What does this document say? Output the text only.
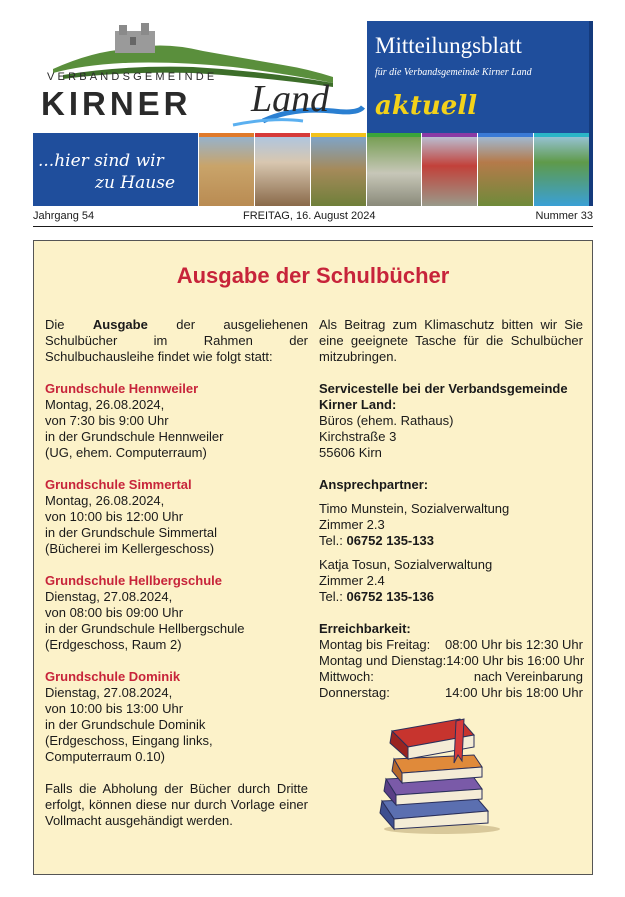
VERBANDSGEMEINDE
KIRNER Land
Mitteilungsblatt
für die Verbandsgemeinde Kirner Land
aktuell
...hier sind wir
zu Hause
Jahrgang 54	FREITAG, 16. August 2024	Nummer 33
Ausgabe der Schulbücher

Die Ausgabe der ausgeliehenen Schulbücher im Rahmen der Schulbuchausleihe findet wie folgt statt:

Grundschule Hennweiler

Montag, 26.08.2024,

von 7:30 bis 9:00 Uhr

in der Grundschule Hennweiler

(UG, ehem. Computerraum)

Grundschule Simmertal

Montag, 26.08.2024,

von 10:00 bis 12:00 Uhr

in der Grundschule Simmertal

(Bücherei im Kellergeschoss)

Grundschule Hellbergschule

Dienstag, 27.08.2024,

von 08:00 bis 09:00 Uhr

in der Grundschule Hellbergschule

(Erdgeschoss, Raum 2)

Grundschule Dominik

Dienstag, 27.08.2024,

von 10:00 bis 13:00 Uhr

in der Grundschule Dominik

(Erdgeschoss, Eingang links,

Computerraum 0.10)

Falls die Abholung der Bücher durch Dritte erfolgt, können diese nur durch Vorlage einer Vollmacht ausgehändigt werden.

Als Beitrag zum Klimaschutz bitten wir Sie eine geeignete Tasche für die Schulbücher mitzubringen.

Servicestelle bei der Verbandsgemeinde Kirner Land:

Büros (ehem. Rathaus)

Kirchstraße 3

55606 Kirn

Ansprechpartner:

Timo Munstein, Sozialverwaltung

Zimmer 2.3

Tel.: 06752 135-133

Katja Tosun, Sozialverwaltung

Zimmer 2.4

Tel.: 06752 135-136

Erreichbarkeit:

Montag bis Freitag: 08:00 Uhr bis 12:30 Uhr
Montag und Dienstag: 14:00 Uhr bis 16:00 Uhr
Mittwoch:	nach Vereinbarung
Donnerstag:	14:00 Uhr bis 18:00 Uhr
